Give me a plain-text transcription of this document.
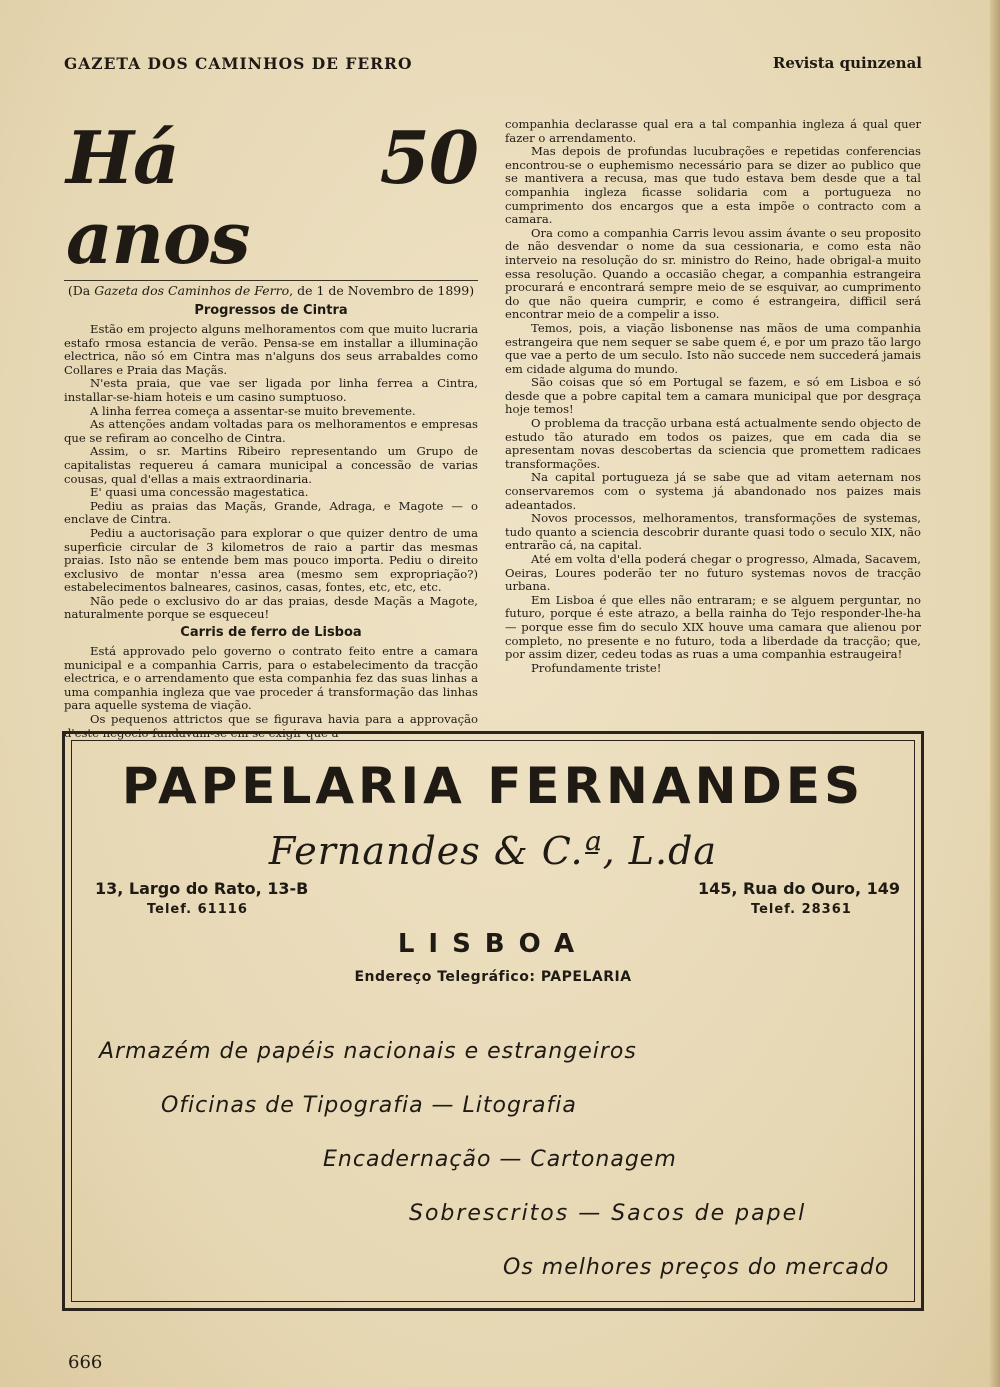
GAZETA DOS CAMINHOS DE FERRO	Revista quinzenal
Há 50 anos
(Da Gazeta dos Caminhos de Ferro, de 1 de Novembro de 1899)
Progressos de Cintra

Estão em projecto alguns melhoramentos com que muito lucraria estafo rmosa estancia de verão. Pensa-se em installar a illuminação electrica, não só em Cintra mas n'alguns dos seus arrabaldes como Collares e Praia das Maçãs.

N'esta praia, que vae ser ligada por linha ferrea a Cintra, installar-se-hiam hoteis e um casino sumptuoso.

A linha ferrea começa a assentar-se muito brevemente.

As attenções andam voltadas para os melhoramentos e empresas que se refiram ao concelho de Cintra.

Assim, o sr. Martins Ribeiro representando um Grupo de capitalistas requereu á camara municipal a concessão de varias cousas, qual d'ellas a mais extraordinaria.

E' quasi uma concessão magestatica.

Pediu as praias das Maçãs, Grande, Adraga, e Magote — o enclave de Cintra.

Pediu a auctorisação para explorar o que quizer dentro de uma superficie circular de 3 kilometros de raio a partir das mesmas praias. Isto não se entende bem mas pouco importa. Pediu o direito exclusivo de montar n'essa area (mesmo sem expropriação?) estabelecimentos balneares, casinos, casas, fontes, etc, etc, etc.

Não pede o exclusivo do ar das praias, desde Maçãs a Magote, naturalmente porque se esqueceu!

Carris de ferro de Lisboa

Está approvado pelo governo o contrato feito entre a camara municipal e a companhia Carris, para o estabelecimento da tracção electrica, e o arrendamento que esta companhia fez das suas linhas a uma companhia ingleza que vae proceder á transformação das linhas para aquelle systema de viação.

Os pequenos attrictos que se figurava havia para a approvação d'este negocio fundavam-se em se exigir que a

companhia declarasse qual era a tal companhia ingleza á qual quer fazer o arrendamento.

Mas depois de profundas lucubrações e repetidas conferencias encontrou-se o euphemismo necessário para se dizer ao publico que se mantivera a recusa, mas que tudo estava bem desde que a tal companhia ingleza ficasse solidaria com a portugueza no cumprimento dos encargos que a esta impõe o contracto com a camara.

Ora como a companhia Carris levou assim ávante o seu proposito de não desvendar o nome da sua cessionaria, e como esta não interveio na resolução do sr. ministro do Reino, hade obrigal-a muito essa resolução. Quando a occasião chegar, a companhia estrangeira procurará e encontrará sempre meio de se esquivar, ao cumprimento do que não queira cumprir, e como é estrangeira, difficil será encontrar meio de a compelir a isso.

Temos, pois, a viação lisbonense nas mãos de uma companhia estrangeira que nem sequer se sabe quem é, e por um prazo tão largo que vae a perto de um seculo. Isto não succede nem succederá jamais em cidade alguma do mundo.

São coisas que só em Portugal se fazem, e só em Lisboa e só desde que a pobre capital tem a camara municipal que por desgraça hoje temos!

O problema da tracção urbana está actualmente sendo objecto de estudo tão aturado em todos os paizes, que em cada dia se apresentam novas descobertas da sciencia que promettem radicaes transformações.

Na capital portugueza já se sabe que ad vitam aeternam nos conservaremos com o systema já abandonado nos paizes mais adeantados.

Novos processos, melhoramentos, transformações de systemas, tudo quanto a sciencia descobrir durante quasi todo o seculo XIX, não entrarão cá, na capital.

Até em volta d'ella poderá chegar o progresso, Almada, Sacavem, Oeiras, Loures poderão ter no futuro systemas novos de tracção urbana.

Em Lisboa é que elles não entraram; e se alguem perguntar, no futuro, porque é este atrazo, a bella rainha do Tejo responder-lhe-ha — porque esse fim do seculo XIX houve uma camara que alienou por completo, no presente e no futuro, toda a liberdade da tracção; que, por assim dizer, cedeu todas as ruas a uma companhia estraugeira!

Profundamente triste!

PAPELARIA FERNANDES
Fernandes & C.ª, L.da
13, Largo do Rato, 13-B
Telef. 61116
145, Rua do Ouro, 149
Telef. 28361
LISBOA
Endereço Telegráfico: PAPELARIA
Armazém de papéis nacionais e estrangeiros
Oficinas de Tipografia — Litografia
Encadernação — Cartonagem
Sobrescritos — Sacos de papel
Os melhores preços do mercado
666
